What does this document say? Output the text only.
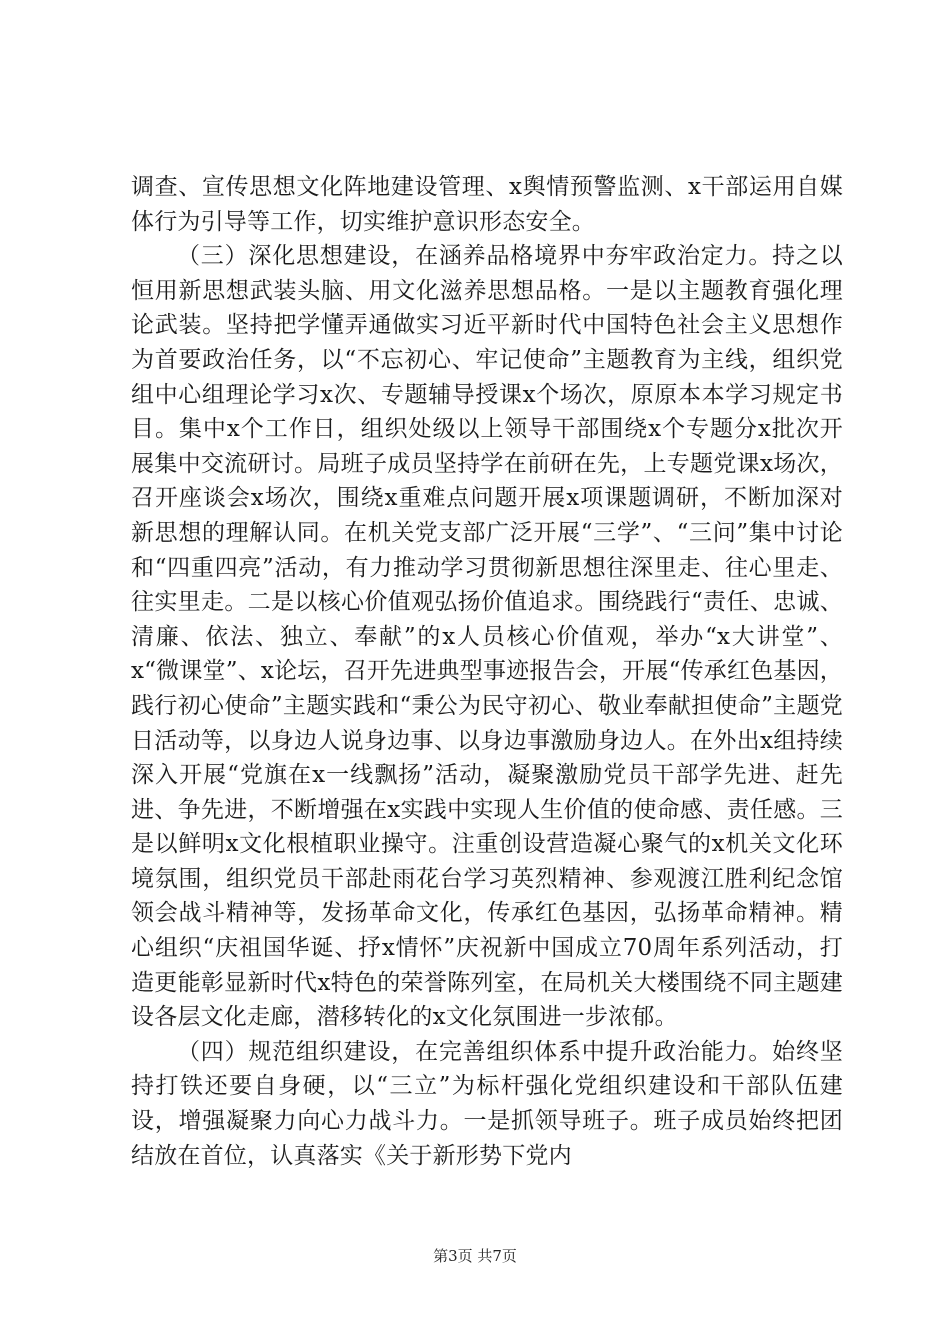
调查、宣传思想文化阵地建设管理、x舆情预警监测、x干部运用自媒体行为引导等工作，切实维护意识形态安全。

（三）深化思想建设，在涵养品格境界中夯牢政治定力。持之以恒用新思想武装头脑、用文化滋养思想品格。一是以主题教育强化理论武装。坚持把学懂弄通做实习近平新时代中国特色社会主义思想作为首要政治任务，以“不忘初心、牢记使命”主题教育为主线，组织党组中心组理论学习x次、专题辅导授课x个场次，原原本本学习规定书目。集中x个工作日，组织处级以上领导干部围绕x个专题分x批次开展集中交流研讨。局班子成员坚持学在前研在先，上专题党课x场次，召开座谈会x场次，围绕x重难点问题开展x项课题调研，不断加深对新思想的理解认同。在机关党支部广泛开展“三学”、“三问”集中讨论和“四重四亮”活动，有力推动学习贯彻新思想往深里走、往心里走、往实里走。二是以核心价值观弘扬价值追求。围绕践行“责任、忠诚、清廉、依法、独立、奉献”的x人员核心价值观，举办“x大讲堂”、x“微课堂”、x论坛，召开先进典型事迹报告会，开展“传承红色基因，践行初心使命”主题实践和“秉公为民守初心、敬业奉献担使命”主题党日活动等，以身边人说身边事、以身边事激励身边人。在外出x组持续深入开展“党旗在x一线飘扬”活动，凝聚激励党员干部学先进、赶先进、争先进，不断增强在x实践中实现人生价值的使命感、责任感。三是以鲜明x文化根植职业操守。注重创设营造凝心聚气的x机关文化环境氛围，组织党员干部赴雨花台学习英烈精神、参观渡江胜利纪念馆领会战斗精神等，发扬革命文化，传承红色基因，弘扬革命精神。精心组织“庆祖国华诞、抒x情怀”庆祝新中国成立70周年系列活动，打造更能彰显新时代x特色的荣誉陈列室，在局机关大楼围绕不同主题建设各层文化走廊，潜移转化的x文化氛围进一步浓郁。

（四）规范组织建设，在完善组织体系中提升政治能力。始终坚持打铁还要自身硬，以“三立”为标杆强化党组织建设和干部队伍建设，增强凝聚力向心力战斗力。一是抓领导班子。班子成员始终把团结放在首位，认真落实《关于新形势下党内

第3页 共7页
